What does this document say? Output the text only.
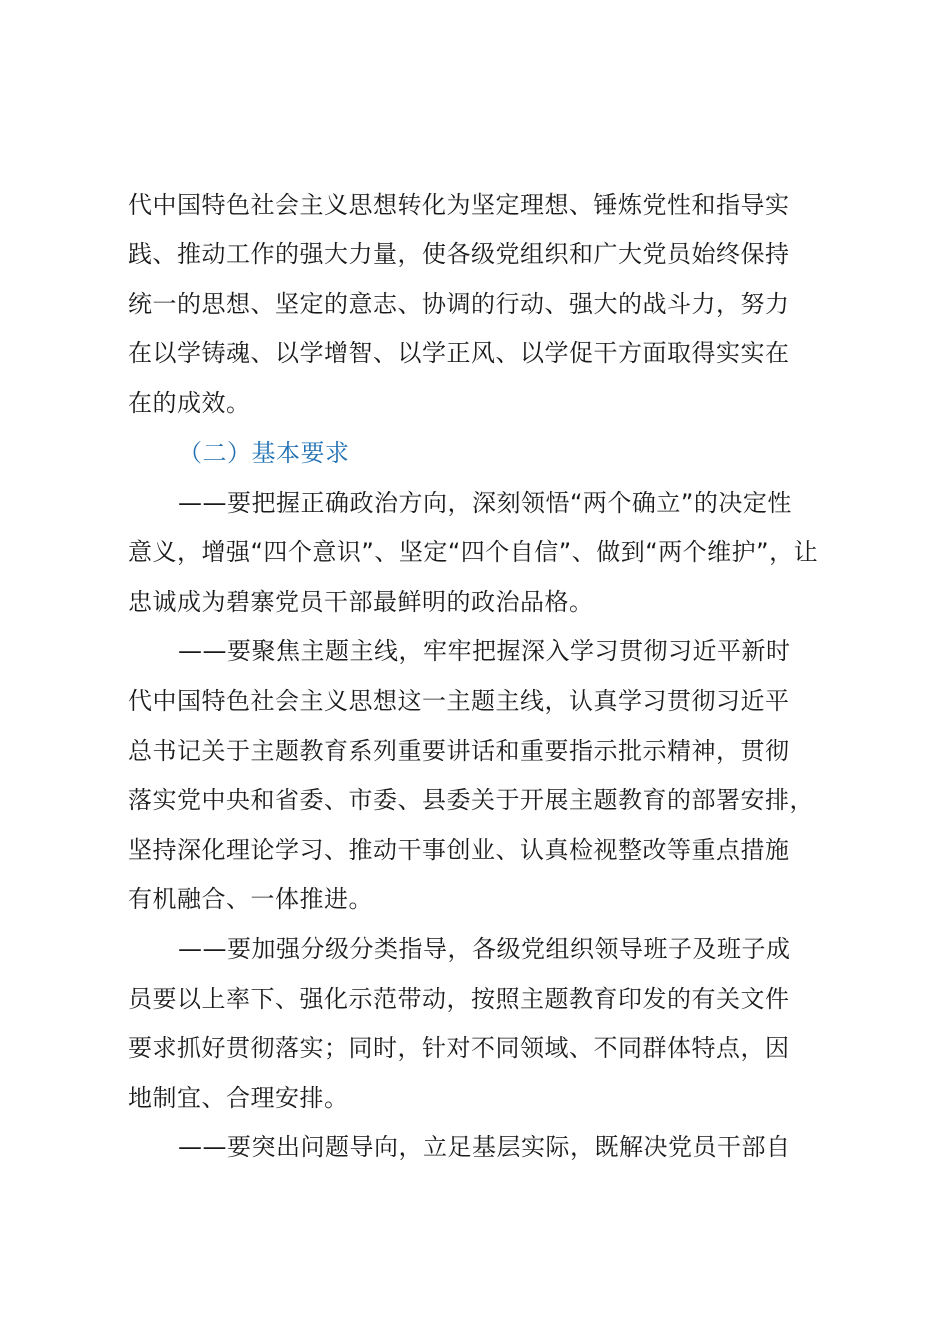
代中国特色社会主义思想转化为坚定理想、锤炼党性和指导实
践、推动工作的强大力量，使各级党组织和广大党员始终保持
统一的思想、坚定的意志、协调的行动、强大的战斗力，努力
在以学铸魂、以学增智、以学正风、以学促干方面取得实实在
在的成效。
（二）基本要求
——要把握正确政治方向，深刻领悟“两个确立”的决定性
意义，增强“四个意识”、坚定“四个自信”、做到“两个维护”，让
忠诚成为碧寨党员干部最鲜明的政治品格。
——要聚焦主题主线，牢牢把握深入学习贯彻习近平新时
代中国特色社会主义思想这一主题主线，认真学习贯彻习近平
总书记关于主题教育系列重要讲话和重要指示批示精神，贯彻
落实党中央和省委、市委、县委关于开展主题教育的部署安排，
坚持深化理论学习、推动干事创业、认真检视整改等重点措施
有机融合、一体推进。
——要加强分级分类指导，各级党组织领导班子及班子成
员要以上率下、强化示范带动，按照主题教育印发的有关文件
要求抓好贯彻落实；同时，针对不同领域、不同群体特点，因
地制宜、合理安排。
——要突出问题导向，立足基层实际，既解决党员干部自
